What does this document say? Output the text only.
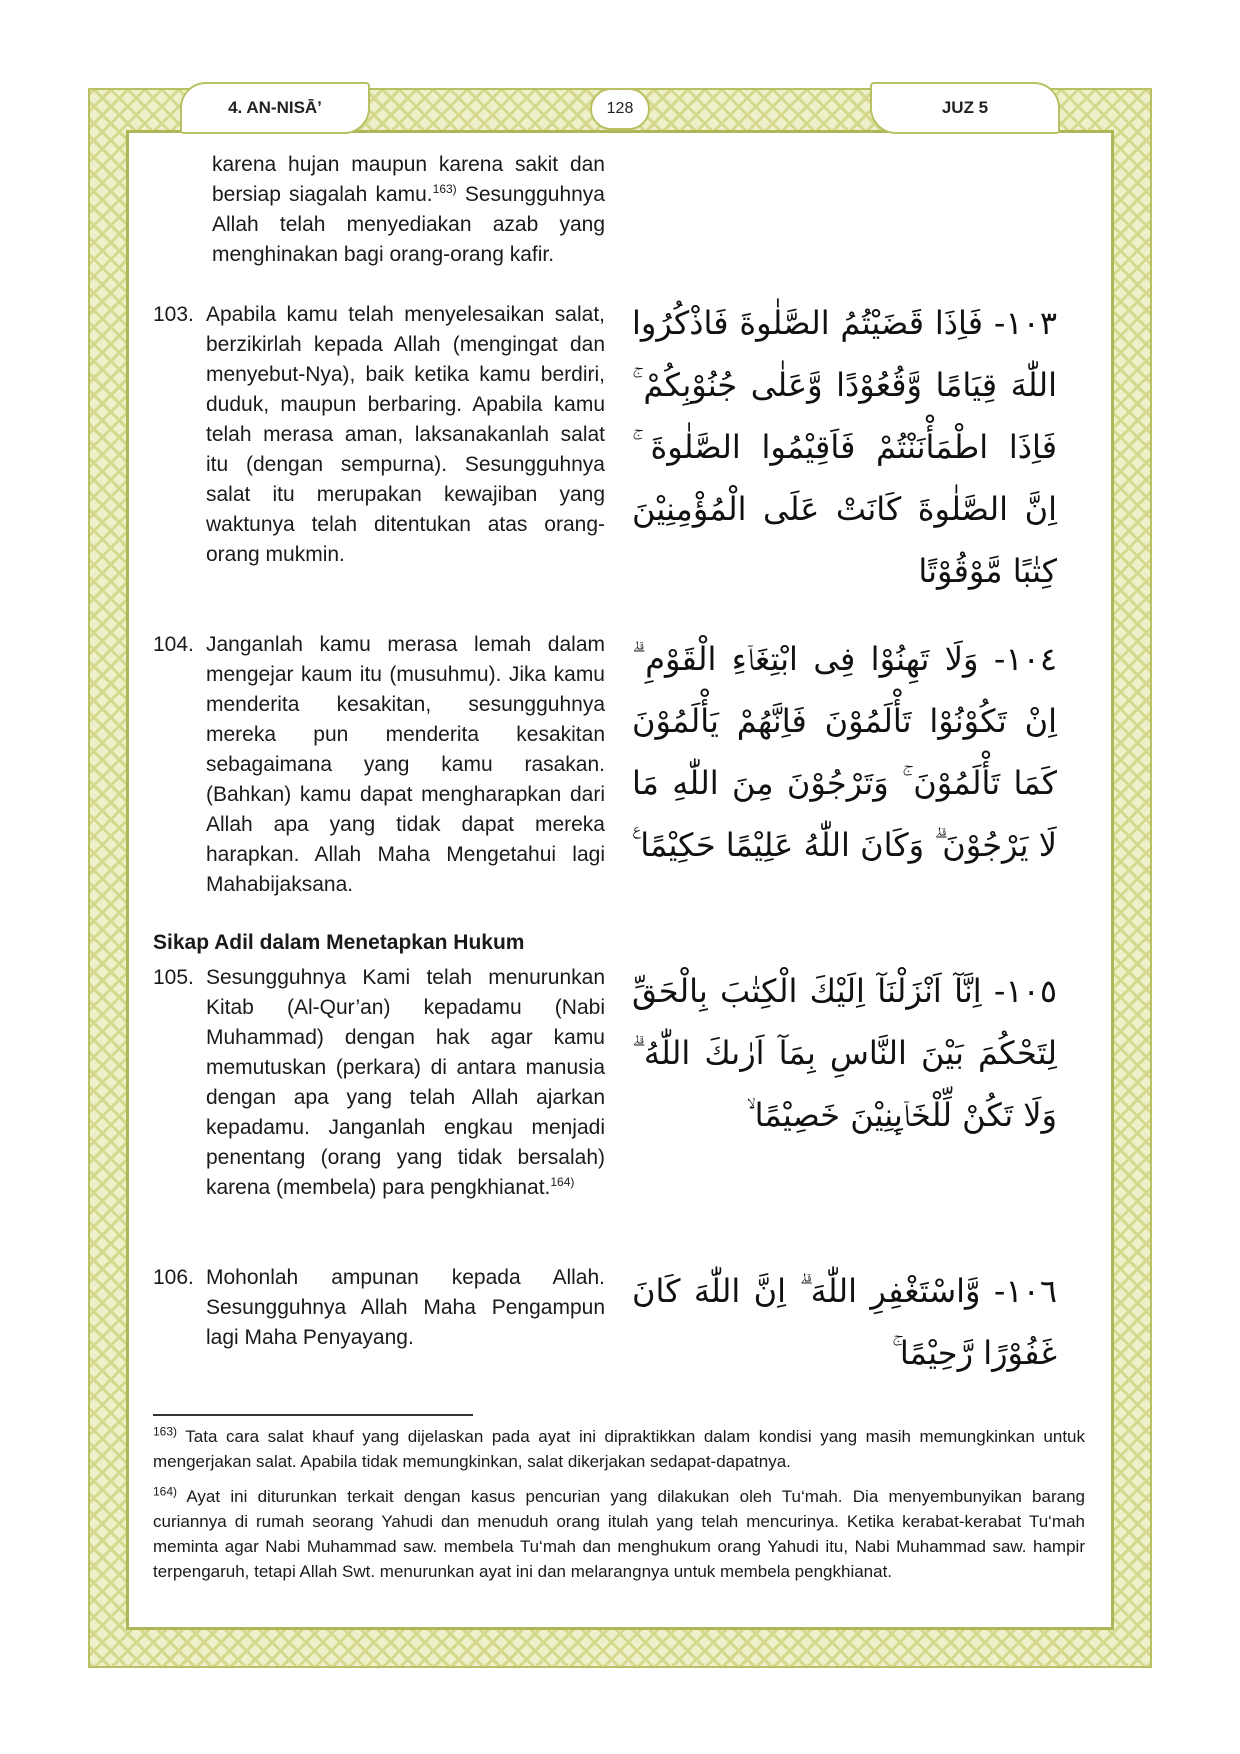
4. AN-NISĀʼ	128	JUZ 5
karena hujan maupun karena sakit dan bersiap siagalah kamu.$^{163)}$ Sesungguhnya Allah telah menyediakan azab yang menghinakan bagi orang-orang kafir.
103. Apabila kamu telah menyelesaikan salat, berzikirlah kepada Allah (mengingat dan menyebut-Nya), baik ketika kamu berdiri, duduk, maupun berbaring. Apabila kamu telah merasa aman, laksanakanlah salat itu (dengan sempurna). Sesungguhnya salat itu merupakan kewajiban yang waktunya telah ditentukan atas orang-orang mukmin.
١٠٣- فَاِذَا قَضَيْتُمُ الصَّلٰوةَ فَاذْكُرُوا اللّٰهَ قِيَامًا وَّقُعُوْدًا وَّعَلٰى جُنُوْبِكُمْ ۚ فَاِذَا اطْمَأْنَنْتُمْ فَاَقِيْمُوا الصَّلٰوةَ ۚ اِنَّ الصَّلٰوةَ كَانَتْ عَلَى الْمُؤْمِنِيْنَ كِتٰبًا مَّوْقُوْتًا
104. Janganlah kamu merasa lemah dalam mengejar kaum itu (musuhmu). Jika kamu menderita kesakitan, sesungguhnya mereka pun menderita kesakitan sebagaimana yang kamu rasakan. (Bahkan) kamu dapat mengharapkan dari Allah apa yang tidak dapat mereka harapkan. Allah Maha Mengetahui lagi Mahabijaksana.
١٠٤- وَلَا تَهِنُوْا فِى ابْتِغَاۤءِ الْقَوْمِ ۗ اِنْ تَكُوْنُوْا تَأْلَمُوْنَ فَاِنَّهُمْ يَأْلَمُوْنَ كَمَا تَأْلَمُوْنَ ۚ وَتَرْجُوْنَ مِنَ اللّٰهِ مَا لَا يَرْجُوْنَ ۗ وَكَانَ اللّٰهُ عَلِيْمًا حَكِيْمًا ࣖ
Sikap Adil dalam Menetapkan Hukum
105. Sesungguhnya Kami telah menurunkan Kitab (Al-Qur’an) kepadamu (Nabi Muhammad) dengan hak agar kamu memutuskan (perkara) di antara manusia dengan apa yang telah Allah ajarkan kepadamu. Janganlah engkau menjadi penentang (orang yang tidak bersalah) karena (membela) para pengkhianat.$^{164)}$
١٠٥- اِنَّآ اَنْزَلْنَآ اِلَيْكَ الْكِتٰبَ بِالْحَقِّ لِتَحْكُمَ بَيْنَ النَّاسِ بِمَآ اَرٰىكَ اللّٰهُ ۗ وَلَا تَكُنْ لِّلْخَاۤىِٕنِيْنَ خَصِيْمًا ۙ
106. Mohonlah ampunan kepada Allah. Sesungguhnya Allah Maha Pengampun lagi Maha Penyayang.
١٠٦- وَّاسْتَغْفِرِ اللّٰهَ ۗ اِنَّ اللّٰهَ كَانَ غَفُوْرًا رَّحِيْمًا ۚ
$^{163)}$ Tata cara salat khauf yang dijelaskan pada ayat ini dipraktikkan dalam kondisi yang masih memungkinkan untuk mengerjakan salat. Apabila tidak memungkinkan, salat dikerjakan sedapat-dapatnya.
$^{164)}$ Ayat ini diturunkan terkait dengan kasus pencurian yang dilakukan oleh Tu‘mah. Dia menyembunyikan barang curiannya di rumah seorang Yahudi dan menuduh orang itulah yang telah mencurinya. Ketika kerabat-kerabat Tu‘mah meminta agar Nabi Muhammad saw. membela Tu‘mah dan menghukum orang Yahudi itu, Nabi Muhammad saw. hampir terpengaruh, tetapi Allah Swt. menurunkan ayat ini dan melarangnya untuk membela pengkhianat.
